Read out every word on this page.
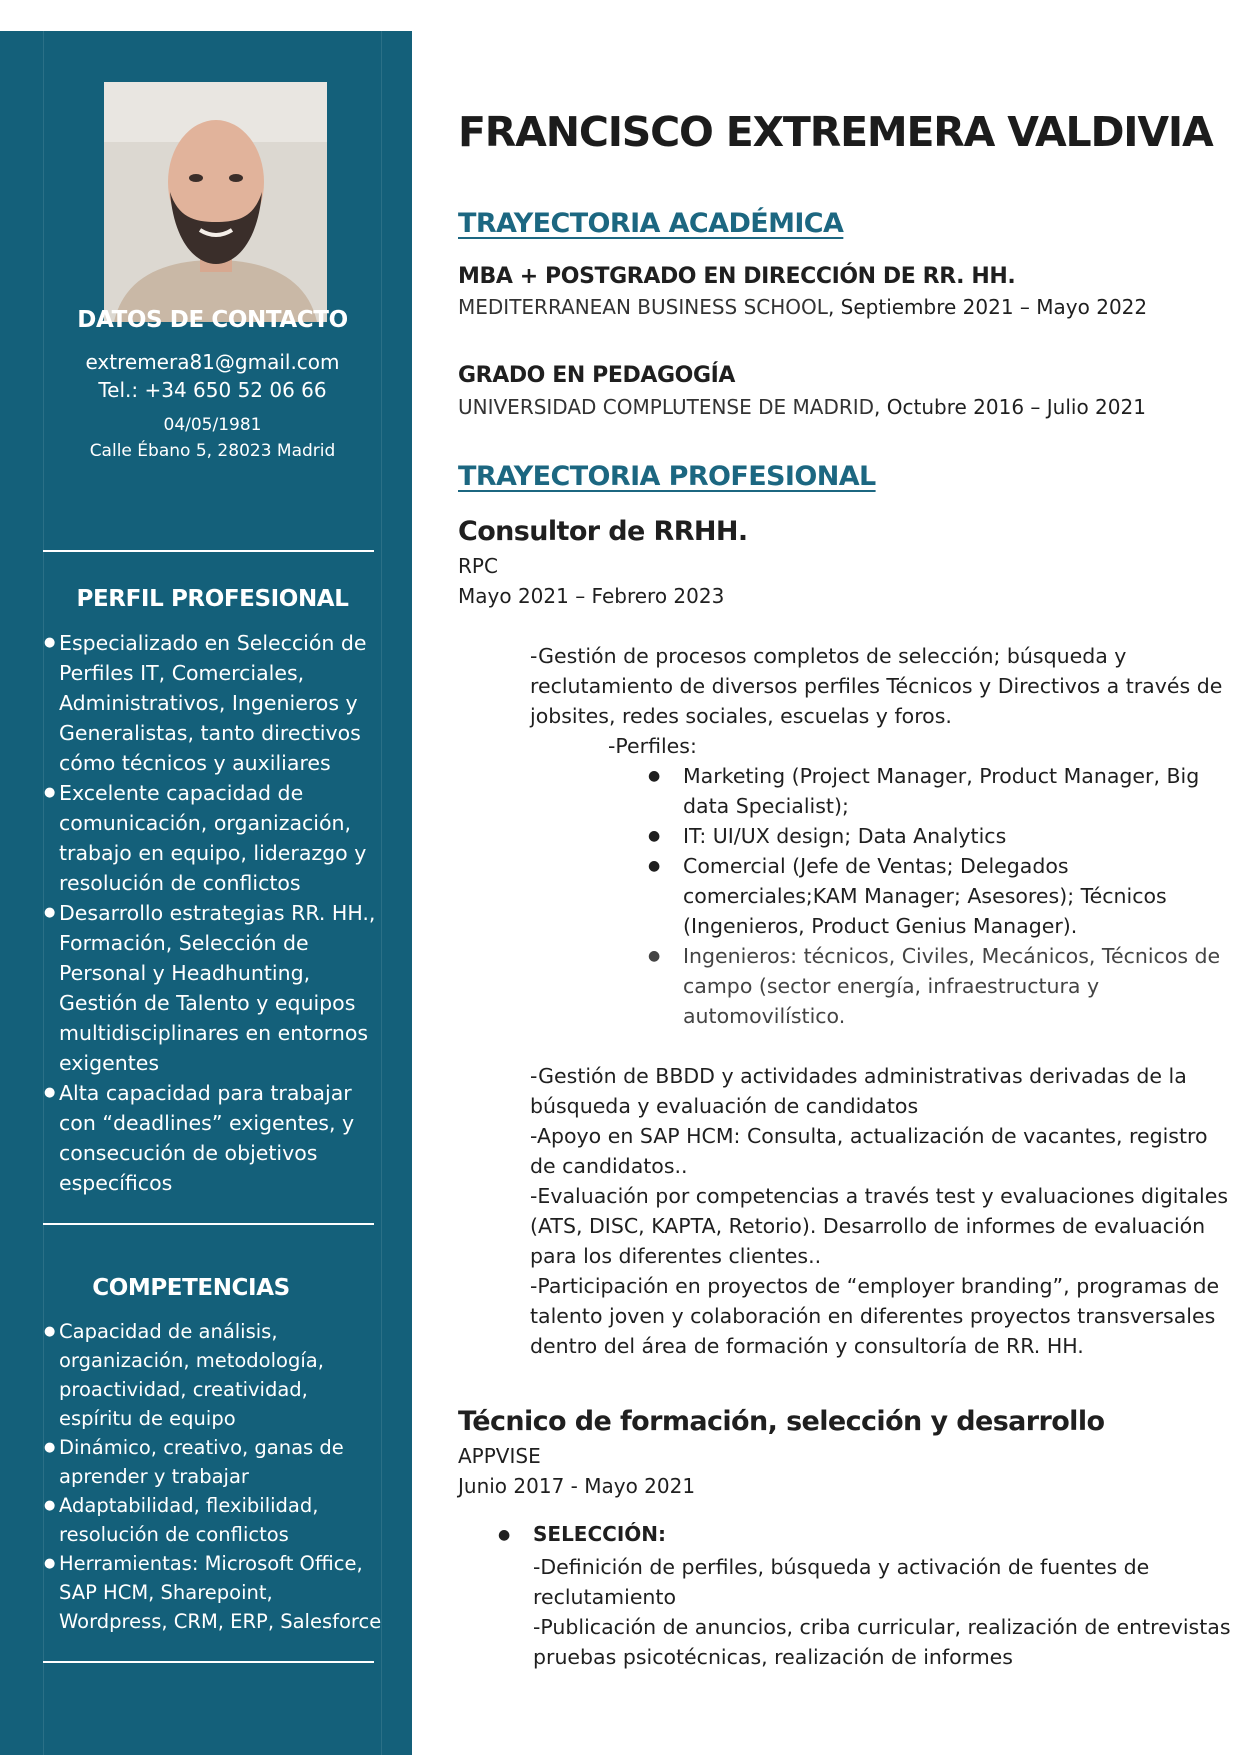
DATOS DE CONTACTO
extremera81@gmail.com
Tel.: +34 650 52 06 66
04/05/1981
Calle Ébano 5, 28023 Madrid
PERFIL PROFESIONAL
● Especializado en Selección de Perfiles IT, Comerciales, Administrativos, Ingenieros y Generalistas, tanto directivos cómo técnicos y auxiliares
● Excelente capacidad de comunicación, organización, trabajo en equipo, liderazgo y resolución de conflictos
● Desarrollo estrategias RR. HH., Formación, Selección de Personal y Headhunting, Gestión de Talento y equipos multidisciplinares en entornos exigentes
● Alta capacidad para trabajar con “deadlines” exigentes, y consecución de objetivos específicos
COMPETENCIAS
● Capacidad de análisis, organización, metodología, proactividad, creatividad, espíritu de equipo
● Dinámico, creativo, ganas de aprender y trabajar
● Adaptabilidad, flexibilidad, resolución de conflictos
● Herramientas: Microsoft Office, SAP HCM, Sharepoint, Wordpress, CRM, ERP, Salesforce
FRANCISCO EXTREMERA VALDIVIA
TRAYECTORIA ACADÉMICA
MBA + POSTGRADO EN DIRECCIÓN DE RR. HH.
MEDITERRANEAN BUSINESS SCHOOL, Septiembre 2021 – Mayo 2022
GRADO EN PEDAGOGÍA
UNIVERSIDAD COMPLUTENSE DE MADRID, Octubre 2016 – Julio 2021
TRAYECTORIA PROFESIONAL
Consultor de RRHH.
RPC
Mayo 2021 – Febrero 2023
-Gestión de procesos completos de selección; búsqueda y reclutamiento de diversos perfiles Técnicos y Directivos a través de jobsites, redes sociales, escuelas y foros.
-Perfiles:
● Marketing (Project Manager, Product Manager, Big data Specialist);
● IT: UI/UX design; Data Analytics
● Comercial (Jefe de Ventas; Delegados comerciales;KAM Manager; Asesores); Técnicos (Ingenieros, Product Genius Manager).
● Ingenieros: técnicos, Civiles, Mecánicos, Técnicos de campo (sector energía, infraestructura y automovilístico.
-Gestión de BBDD y actividades administrativas derivadas de la búsqueda y evaluación de candidatos
-Apoyo en SAP HCM: Consulta, actualización de vacantes, registro de candidatos..
-Evaluación por competencias a través test y evaluaciones digitales (ATS, DISC, KAPTA, Retorio). Desarrollo de informes de evaluación para los diferentes clientes..
-Participación en proyectos de “employer branding”, programas de talento joven y colaboración en diferentes proyectos transversales dentro del área de formación y consultoría de RR. HH.
Técnico de formación, selección y desarrollo
APPVISE
Junio 2017 - Mayo 2021
● SELECCIÓN:
-Definición de perfiles, búsqueda y activación de fuentes de reclutamiento
-Publicación de anuncios, criba curricular, realización de entrevistas pruebas psicotécnicas, realización de informes
